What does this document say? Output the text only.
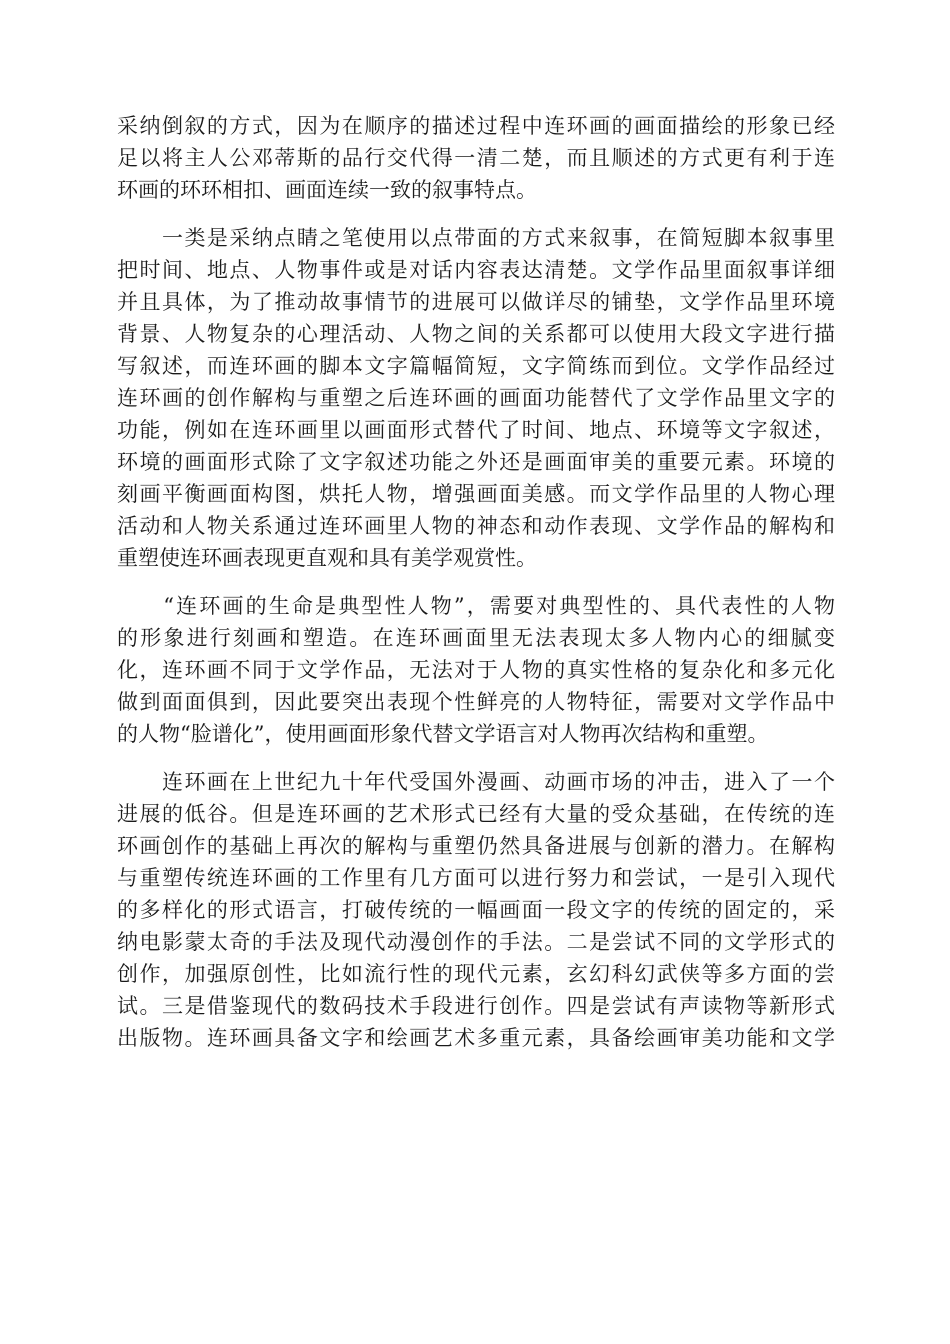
采纳倒叙的方式，因为在顺序的描述过程中连环画的画面描绘的形象已经
足以将主人公邓蒂斯的品行交代得一清二楚，而且顺述的方式更有利于连
环画的环环相扣、画面连续一致的叙事特点。
　　一类是采纳点睛之笔使用以点带面的方式来叙事，在简短脚本叙事里
把时间、地点、人物事件或是对话内容表达清楚。文学作品里面叙事详细
并且具体，为了推动故事情节的进展可以做详尽的铺垫，文学作品里环境
背景、人物复杂的心理活动、人物之间的关系都可以使用大段文字进行描
写叙述，而连环画的脚本文字篇幅简短，文字简练而到位。文学作品经过
连环画的创作解构与重塑之后连环画的画面功能替代了文学作品里文字的
功能，例如在连环画里以画面形式替代了时间、地点、环境等文字叙述，
环境的画面形式除了文字叙述功能之外还是画面审美的重要元素。环境的
刻画平衡画面构图，烘托人物，增强画面美感。而文学作品里的人物心理
活动和人物关系通过连环画里人物的神态和动作表现、文学作品的解构和
重塑使连环画表现更直观和具有美学观赏性。
　　“连环画的生命是典型性人物”，需要对典型性的、具代表性的人物
的形象进行刻画和塑造。在连环画面里无法表现太多人物内心的细腻变
化，连环画不同于文学作品，无法对于人物的真实性格的复杂化和多元化
做到面面俱到，因此要突出表现个性鲜亮的人物特征，需要对文学作品中
的人物“脸谱化”，使用画面形象代替文学语言对人物再次结构和重塑。
　　连环画在上世纪九十年代受国外漫画、动画市场的冲击，进入了一个
进展的低谷。但是连环画的艺术形式已经有大量的受众基础，在传统的连
环画创作的基础上再次的解构与重塑仍然具备进展与创新的潜力。在解构
与重塑传统连环画的工作里有几方面可以进行努力和尝试，一是引入现代
的多样化的形式语言，打破传统的一幅画面一段文字的传统的固定的，采
纳电影蒙太奇的手法及现代动漫创作的手法。二是尝试不同的文学形式的
创作，加强原创性，比如流行性的现代元素，玄幻科幻武侠等多方面的尝
试。三是借鉴现代的数码技术手段进行创作。四是尝试有声读物等新形式
出版物。连环画具备文字和绘画艺术多重元素，具备绘画审美功能和文学
